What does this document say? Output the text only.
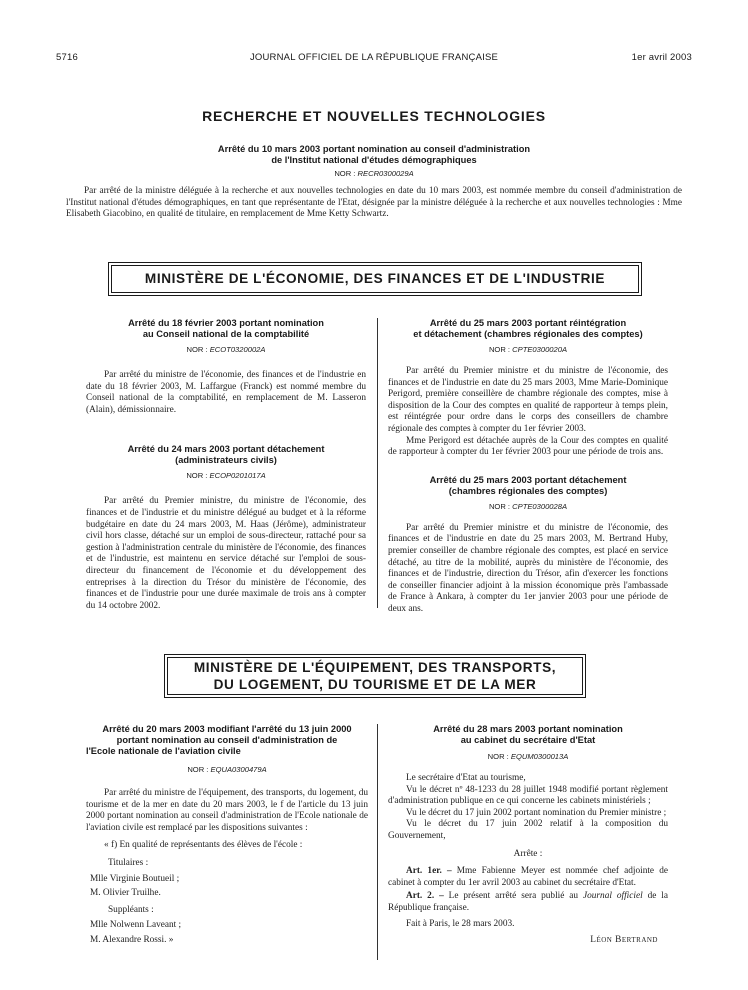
5716	JOURNAL OFFICIEL DE LA RÉPUBLIQUE FRANÇAISE	1er avril 2003
RECHERCHE ET NOUVELLES TECHNOLOGIES
Arrêté du 10 mars 2003 portant nomination au conseil d'administration
de l'Institut national d'études démographiques
NOR : RECR0300029A
Par arrêté de la ministre déléguée à la recherche et aux nouvelles technologies en date du 10 mars 2003, est nommée membre du conseil d'administration de l'Institut national d'études démographiques, en tant que représentante de l'Etat, désignée par la ministre déléguée à la recherche et aux nouvelles technologies : Mme Elisabeth Giacobino, en qualité de titulaire, en remplacement de Mme Ketty Schwartz.
MINISTÈRE DE L'ÉCONOMIE, DES FINANCES ET DE L'INDUSTRIE
Arrêté du 18 février 2003 portant nomination
au Conseil national de la comptabilité
NOR : ECOT0320002A
Par arrêté du ministre de l'économie, des finances et de l'industrie en date du 18 février 2003, M. Laffargue (Franck) est nommé membre du Conseil national de la comptabilité, en remplacement de M. Lasseron (Alain), démissionnaire.
Arrêté du 24 mars 2003 portant détachement
(administrateurs civils)
NOR : ECOP0201017A
Par arrêté du Premier ministre, du ministre de l'économie, des finances et de l'industrie et du ministre délégué au budget et à la réforme budgétaire en date du 24 mars 2003, M. Haas (Jérôme), administrateur civil hors classe, détaché sur un emploi de sous-directeur, rattaché pour sa gestion à l'administration centrale du ministère de l'économie, des finances et de l'industrie, est maintenu en service détaché sur l'emploi de sous-directeur du financement de l'économie et du développement des entreprises à la direction du Trésor du ministère de l'économie, des finances et de l'industrie pour une durée maximale de trois ans à compter du 14 octobre 2002.
Arrêté du 25 mars 2003 portant réintégration
et détachement (chambres régionales des comptes)
NOR : CPTE0300020A
Par arrêté du Premier ministre et du ministre de l'économie, des finances et de l'industrie en date du 25 mars 2003, Mme Marie-Dominique Perigord, première conseillère de chambre régionale des comptes, mise à disposition de la Cour des comptes en qualité de rapporteur à temps plein, est réintégrée pour ordre dans le corps des conseillers de chambre régionale des comptes à compter du 1er février 2003.
Mme Perigord est détachée auprès de la Cour des comptes en qualité de rapporteur à compter du 1er février 2003 pour une période de trois ans.
Arrêté du 25 mars 2003 portant détachement
(chambres régionales des comptes)
NOR : CPTE0300028A
Par arrêté du Premier ministre et du ministre de l'économie, des finances et de l'industrie en date du 25 mars 2003, M. Bertrand Huby, premier conseiller de chambre régionale des comptes, est placé en service détaché, au titre de la mobilité, auprès du ministère de l'économie, des finances et de l'industrie, direction du Trésor, afin d'exercer les fonctions de conseiller financier adjoint à la mission économique près l'ambassade de France à Ankara, à compter du 1er janvier 2003 pour une période de deux ans.
MINISTÈRE DE L'ÉQUIPEMENT, DES TRANSPORTS,
DU LOGEMENT, DU TOURISME ET DE LA MER
Arrêté du 20 mars 2003 modifiant l'arrêté du 13 juin 2000
portant nomination au conseil d'administration de
l'Ecole nationale de l'aviation civile
NOR : EQUA0300479A
Par arrêté du ministre de l'équipement, des transports, du logement, du tourisme et de la mer en date du 20 mars 2003, le f de l'article du 13 juin 2000 portant nomination au conseil d'administration de l'Ecole nationale de l'aviation civile est remplacé par les dispositions suivantes :
« f) En qualité de représentants des élèves de l'école :
Titulaires :
Mlle Virginie Boutueil ;
M. Olivier Truilhe.
Suppléants :
Mlle Nolwenn Laveant ;
M. Alexandre Rossi. »
Arrêté du 28 mars 2003 portant nomination
au cabinet du secrétaire d'Etat
NOR : EQUM0300013A
Le secrétaire d'Etat au tourisme,
Vu le décret nº 48-1233 du 28 juillet 1948 modifié portant règlement d'administration publique en ce qui concerne les cabinets ministériels ;
Vu le décret du 17 juin 2002 portant nomination du Premier ministre ;
Vu le décret du 17 juin 2002 relatif à la composition du Gouvernement,
Arrête :
Art. 1er. – Mme Fabienne Meyer est nommée chef adjointe de cabinet à compter du 1er avril 2003 au cabinet du secrétaire d'Etat.
Art. 2. – Le présent arrêté sera publié au Journal officiel de la République française.
Fait à Paris, le 28 mars 2003.
Léon Bertrand
